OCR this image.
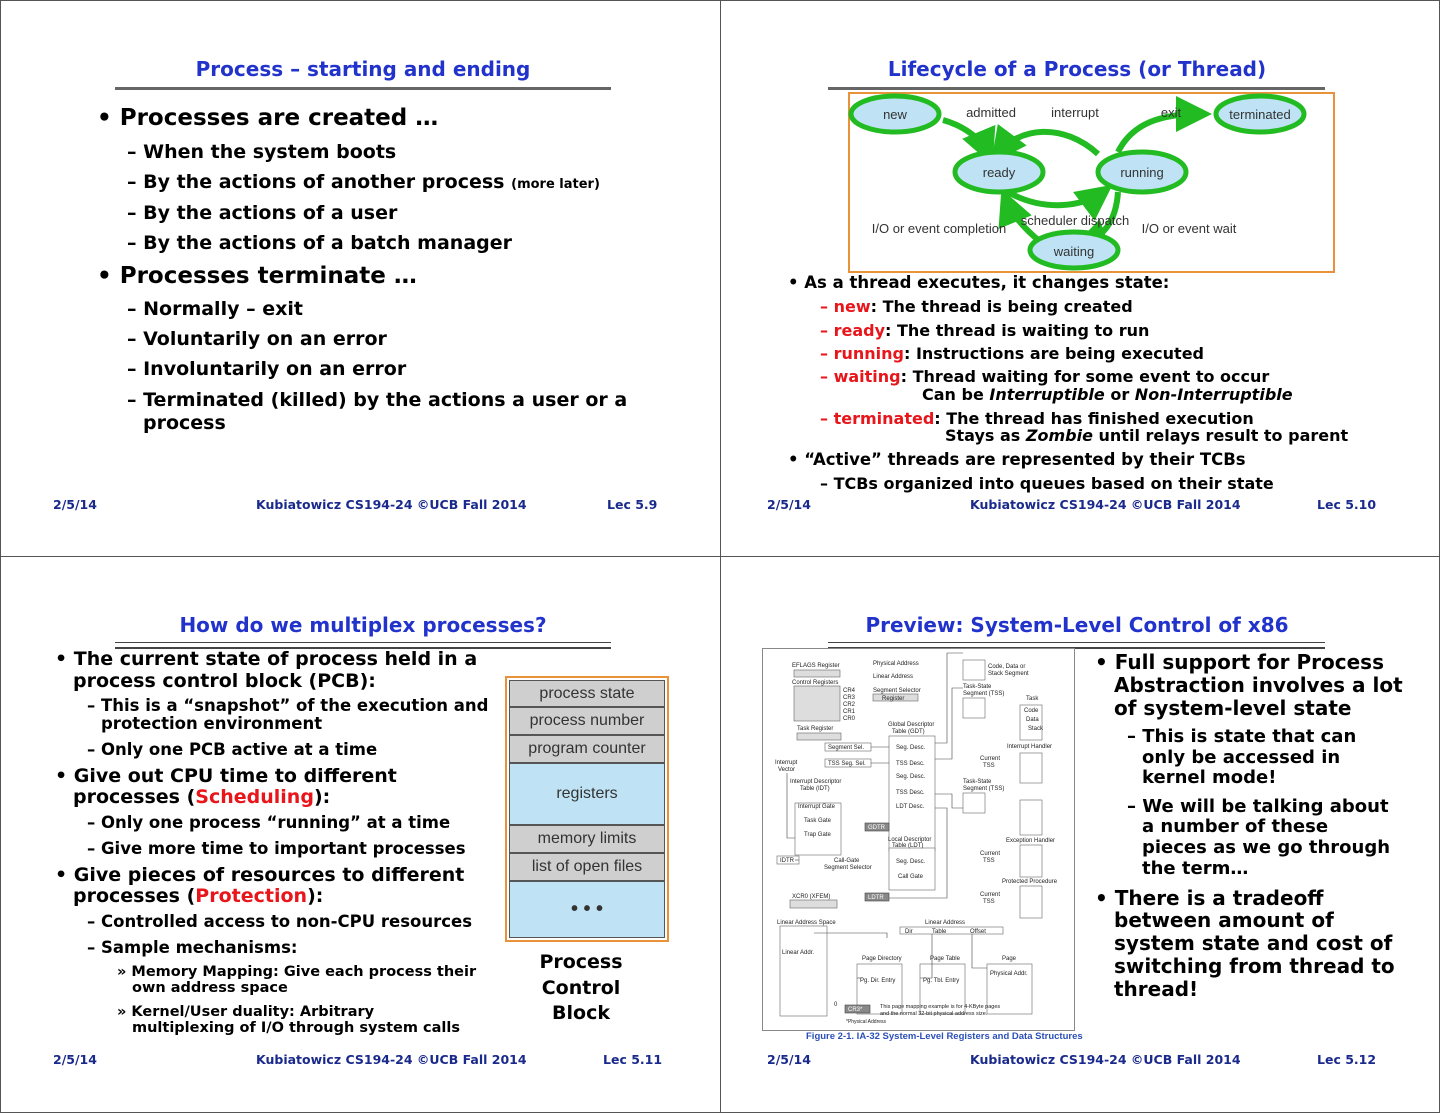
Process – starting and ending
• Processes are created …
– When the system boots
– By the actions of another process (more later)
– By the actions of a user
– By the actions of a batch manager
• Processes terminate …
– Normally – exit
– Voluntarily on an error
– Involuntarily on an error
– Terminated (killed) by the actions a user or a
process
2/5/14	Kubiatowicz CS194-24 ©UCB Fall 2014	Lec 5.9
Lifecycle of a Process (or Thread)
new
ready	running
waiting
terminated
admitted	interrupt	exit
scheduler dispatch
I/O or event completion	I/O or event wait
• As a thread executes, it changes state:
– new: The thread is being created
– ready: The thread is waiting to run
– running: Instructions are being executed
– waiting: Thread waiting for some event to occur
Can be Interruptible or Non-Interruptible
– terminated: The thread has finished execution
Stays as Zombie until relays result to parent
• “Active” threads are represented by their TCBs
– TCBs organized into queues based on their state
2/5/14	Kubiatowicz CS194-24 ©UCB Fall 2014	Lec 5.10
How do we multiplex processes?
• The current state of process held in a
process control block (PCB):
– This is a “snapshot” of the execution and
protection environment
– Only one PCB active at a time
• Give out CPU time to different
processes (Scheduling):
– Only one process “running” at a time
– Give more time to important processes
• Give pieces of resources to different
processes (Protection):
– Controlled access to non-CPU resources
– Sample mechanisms:
» Memory Mapping: Give each process their
own address space
» Kernel/User duality: Arbitrary
multiplexing of I/O through system calls
process state
process number
program counter
registers
memory limits
list of open files
• • •
Process
Control
Block
2/5/14	Kubiatowicz CS194-24 ©UCB Fall 2014	Lec 5.11
Preview: System-Level Control of x86
EFLAGS Register
Control Registers
CR4
CR3
CR2
CR1
CR0
Task Register
Physical Address
Linear Address
Segment Selector
Register
Global Descriptor
Table (GDT)
Segment Sel.
TSS Seg. Sel.
Seg. Desc.
TSS Desc.
Seg. Desc.
TSS Desc.
LDT Desc.
Interrupt
Vector
Interrupt Descriptor
Table (IDT)
Interrupt Gate
Task Gate
Trap Gate
GDTR
IDTR
LDTR
Local Descriptor
Table (LDT)
Seg. Desc.
Call Gate
Call-Gate
Segment Selector
XCR0 (XFEM)
Code, Data or
Stack Segment
Task-State
Segment (TSS)
Task
Code
Data
Stack
Interrupt Handler
Current
TSS
Task-State
Segment (TSS)
Exception Handler
Current
TSS
Protected Procedure
Current
TSS
Linear Address Space
Linear Addr.
Linear Address
Dir	Table	Offset
Page Directory	Page Table	Page
Pg. Dir. Entry	Pg. Tbl. Entry
Physical Addr.
0
CR3*	This page mapping example is for 4-KByte pages
and the normal 32-bit physical address size.
*Physical Address
Figure 2-1. IA-32 System-Level Registers and Data Structures
• Full support for Process
Abstraction involves a lot
of system-level state
– This is state that can
only be accessed in
kernel mode!
– We will be talking about
a number of these
pieces as we go through
the term…
• There is a tradeoff
between amount of
system state and cost of
switching from thread to
thread!
2/5/14	Kubiatowicz CS194-24 ©UCB Fall 2014	Lec 5.12
